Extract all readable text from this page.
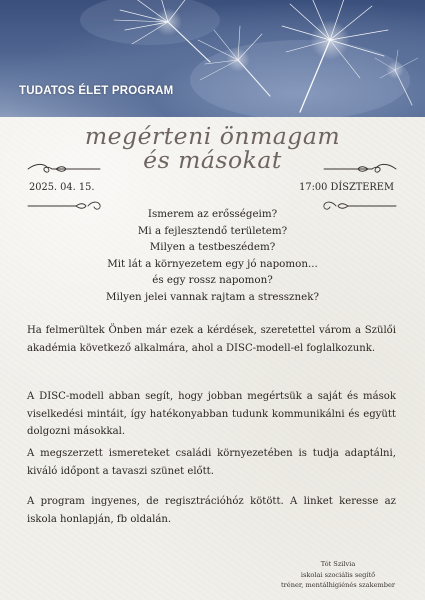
TUDATOS ÉLET PROGRAM
megérteni önmagam
és másokat
2025. 04. 15.	17:00 DÍSZTEREM
Ismerem az erősségeim?
Mi a fejlesztendő területem?
Milyen a testbeszédem?
Mit lát a környezetem egy jó napomon...
és egy rossz napomon?
Milyen jelei vannak rajtam a stressznek?

Ha felmerültek Önben már ezek a kérdések, szeretettel várom a Szülői akadémia következő alkalmára, ahol a DISC-modell-el foglalkozunk.

A DISC-modell abban segít, hogy jobban megértsük a saját és mások viselkedési mintáit, így hatékonyabban tudunk kommunikálni és együtt dolgozni másokkal.

A megszerzett ismereteket családi környezetében is tudja adaptálni, kiváló időpont a tavaszi szünet előtt.

A program ingyenes, de regisztrációhóz kötött. A linket keresse az iskola honlapján, fb oldalán.

Tót Szilvia
iskolai szociális segítő
tréner, mentálhigiénés szakember
